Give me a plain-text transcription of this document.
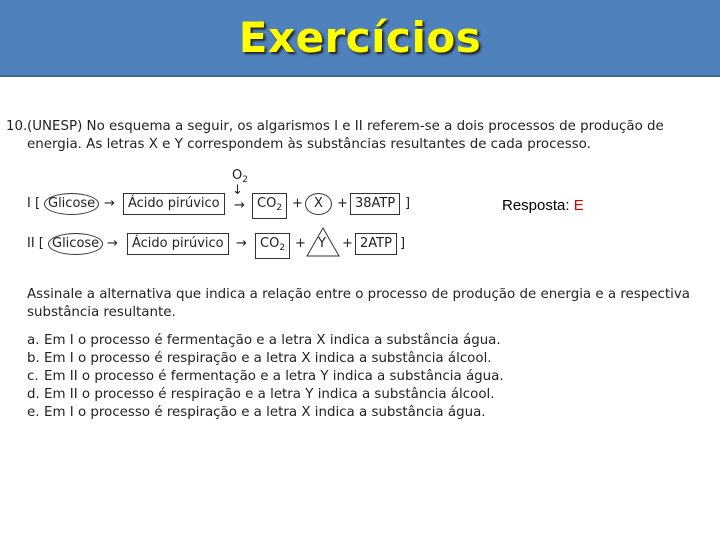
Exercícios
10. (UNESP) No esquema a seguir, os algarismos I e II referem-se a dois processos de produção de energia. As letras X e Y correspondem às substâncias resultantes de cada processo.
I [ Glicose →	Ácido pirúvico
$O_2$
↓
→ $CO_2 + X$	+ 38ATP ]
II [ Glicose →	Ácido pirúvico →	$CO_2 + Y + 2ATP$ ]
Resposta: E
Assinale a alternativa que indica a relação entre o processo de produção de energia e a respectiva substância resultante.
a. Em I o processo é fermentação e a letra X indica a substância água.
b. Em I o processo é respiração e a letra X indica a substância álcool.
c. Em II o processo é fermentação e a letra Y indica a substância água.
d. Em II o processo é respiração e a letra Y indica a substância álcool.
e. Em I o processo é respiração e a letra X indica a substância água.
